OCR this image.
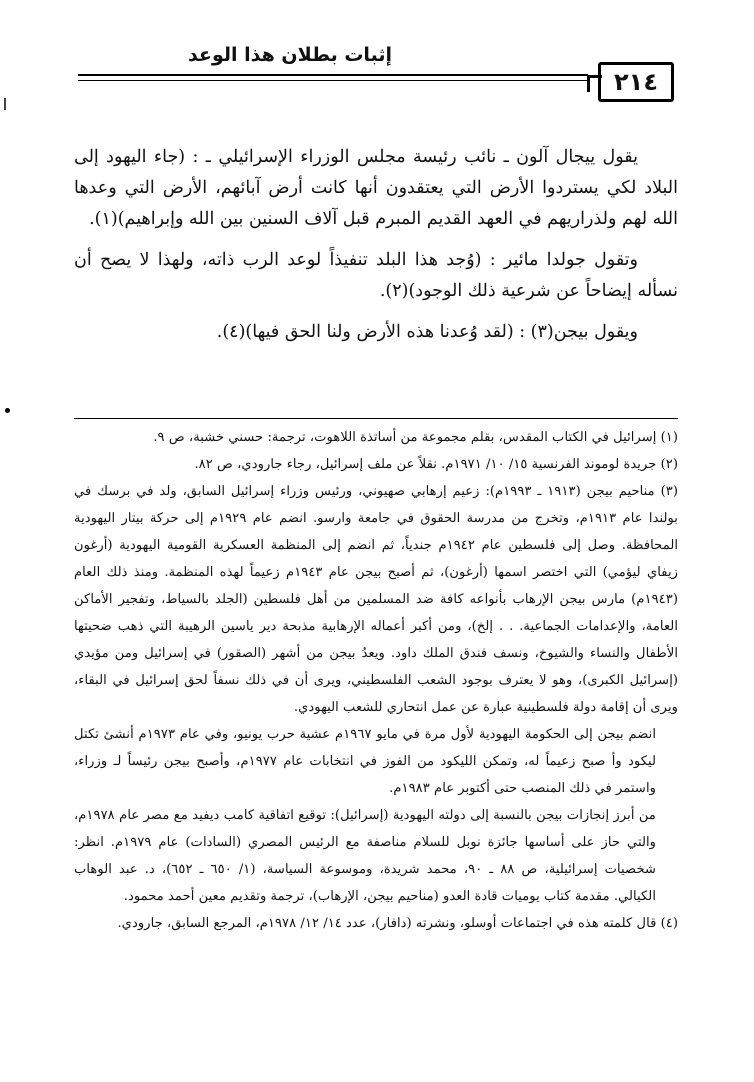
إثبات بطلان هذا الوعد
٢١٤

يقول ييجال آلون ـ نائب رئيسة مجلس الوزراء الإسرائيلي ـ : (جاء اليهود إلى البلاد لكي يستردوا الأرض التي يعتقدون أنها كانت أرض آبائهم، الأرض التي وعدها الله لهم ولذراريهم في العهد القديم المبرم قبل آلاف السنين بين الله وإبراهيم)(١).

وتقول جولدا مائير : (وُجد هذا البلد تنفيذاً لوعد الرب ذاته، ولهذا لا يصح أن نسأله إيضاحاً عن شرعية ذلك الوجود)(٢).

ويقول بيجن(٣) : (لقد وُعدنا هذه الأرض ولنا الحق فيها)(٤).

(١) إسرائيل في الكتاب المقدس، بقلم مجموعة من أساتذة اللاهوت، ترجمة: حسني خشبة، ص ٩.

(٢) جريدة لوموند الفرنسية ١٥/ ١٠/ ١٩٧١م. نقلاً عن ملف إسرائيل، رجاء جارودي، ص ٨٢.

(٣) مناحيم بيجن (١٩١٣ ـ ١٩٩٣م): زعيم إرهابي صهيوني، ورئيس وزراء إسرائيل السابق، ولد في برسك في بولندا عام ١٩١٣م، وتخرج من مدرسة الحقوق في جامعة وارسو. انضم عام ١٩٢٩م إلى حركة بيتار اليهودية المحافظة. وصل إلى فلسطين عام ١٩٤٢م جندياً، ثم انضم إلى المنظمة العسكرية القومية اليهودية (أرغون زيفاي ليؤمي) التي اختصر اسمها (أرغون)، ثم أصبح بيجن عام ١٩٤٣م زعيماً لهذه المنظمة. ومنذ ذلك العام (١٩٤٣م) مارس بيجن الإرهاب بأنواعه كافة ضد المسلمين من أهل فلسطين (الجلد بالسياط، وتفجير الأماكن العامة، والإعدامات الجماعية. . . إلخ)، ومن أكبر أعماله الإرهابية مذبحة دير ياسين الرهيبة التي ذهب ضحيتها الأطفال والنساء والشيوخ، ونسف فندق الملك داود. ويعدُ بيجن من أشهر (الصقور) في إسرائيل ومن مؤيدي (إسرائيل الكبرى)، وهو لا يعترف بوجود الشعب الفلسطيني، ويرى أن في ذلك نسفاً لحق إسرائيل في البقاء، ويرى أن إقامة دولة فلسطينية عبارة عن عمل انتحاري للشعب اليهودي.

انضم بيجن إلى الحكومة اليهودية لأول مرة في مايو ١٩٦٧م عشية حرب يونيو، وفي عام ١٩٧٣م أنشئ تكتل ليكود وأ صبح زعيماً له، وتمكن الليكود من الفوز في انتخابات عام ١٩٧٧م، وأصبح بيجن رئيساً لـ وزراء، واستمر في ذلك المنصب حتى أكتوبر عام ١٩٨٣م.

من أبرز إنجازات بيجن بالنسبة إلى دولته اليهودية (إسرائيل): توقيع اتفاقية كامب ديفيد مع مصر عام ١٩٧٨م، والتي حاز على أساسها جائزة نوبل للسلام مناصفة مع الرئيس المصري (السادات) عام ١٩٧٩م. انظر: شخصيات إسرائيلية، ص ٨٨ ـ ٩٠، محمد شريدة، وموسوعة السياسة، (١/ ٦٥٠ ـ ٦٥٢)، د. عبد الوهاب الكيالي. مقدمة كتاب يوميات قادة العدو (مناحيم بيجن، الإرهاب)، ترجمة وتقديم معين أحمد محمود.

(٤) قال كلمته هذه في اجتماعات أوسلو، ونشرته (دافار)، عدد ١٤/ ١٢/ ١٩٧٨م، المرجع السابق، جارودي.
